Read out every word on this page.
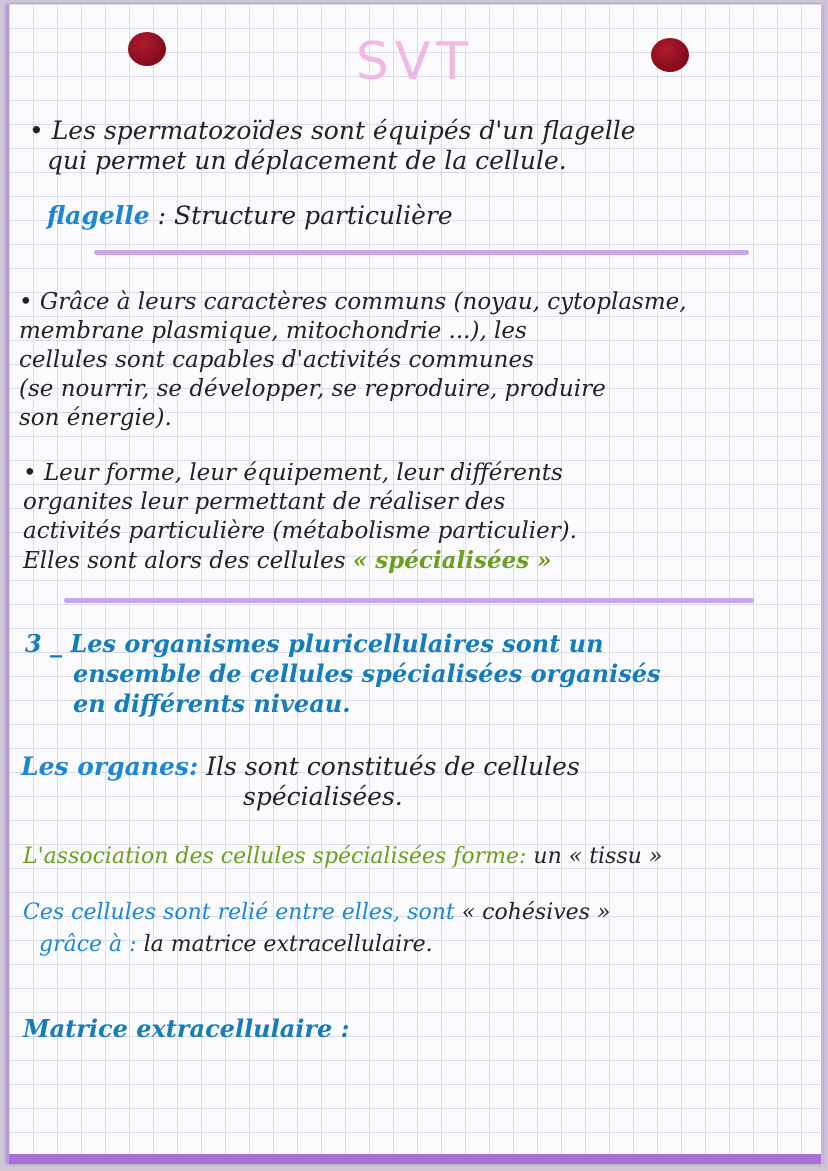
SVT
• Les spermatozoïdes sont équipés d'un flagelle
qui permet un déplacement de la cellule.
flagelle : Structure particulière
• Grâce à leurs caractères communs (noyau, cytoplasme,
membrane plasmique, mitochondrie ...), les
cellules sont capables d'activités communes
(se nourrir, se développer, se reproduire, produire
son énergie).
• Leur forme, leur équipement, leur différents
organites leur permettant de réaliser des
activités particulière (métabolisme particulier).
Elles sont alors des cellules « spécialisées »
3 _ Les organismes pluricellulaires sont un
ensemble de cellules spécialisées organisés
en différents niveau.
Les organes: Ils sont constitués de cellules
spécialisées.
L'association des cellules spécialisées forme: un « tissu »
Ces cellules sont relié entre elles, sont « cohésives »
grâce à : la matrice extracellulaire.
Matrice extracellulaire :
